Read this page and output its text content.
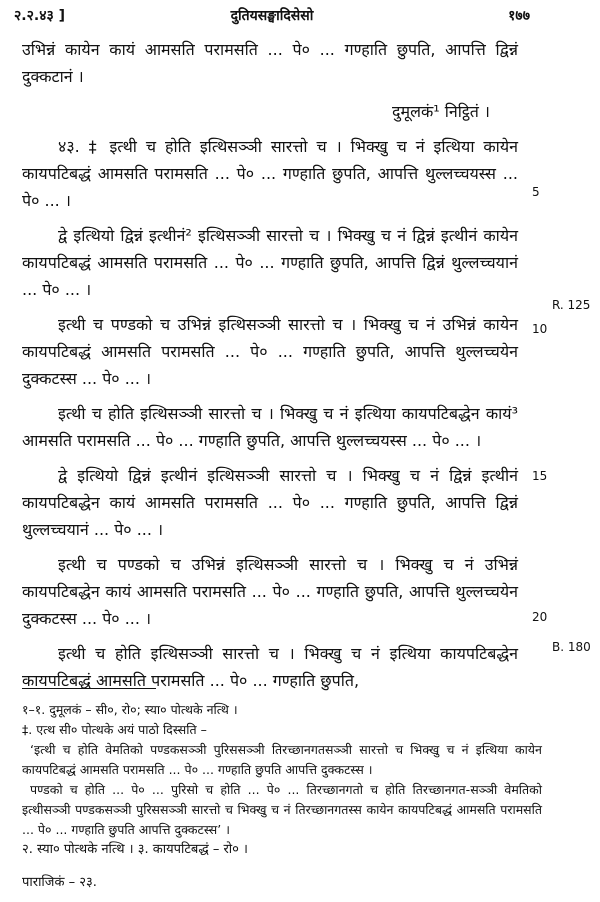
२.२.४३ ]	दुतियसङ्घादिसेसो	१७७

उभिन्नं कायेन कायं आमसति परामसति ... पे० ... गण्हाति छुपति, आपत्ति द्विन्नं दुक्कटानं ।

दुमूलकं¹ निट्ठितं ।

४३. ‡ इत्थी च होति इत्थिसञ्ञी सारत्तो च । भिक्खु च नं इत्थिया कायेन कायपटिबद्धं आमसति परामसति ... पे० ... गण्हाति छुपति, आपत्ति थुल्लच्चयस्स ... पे० ... ।

द्वे इत्थियो द्विन्नं इत्थीनं² इत्थिसञ्ञी सारत्तो च । भिक्खु च नं द्विन्नं इत्थीनं कायेन कायपटिबद्धं आमसति परामसति ... पे० ... गण्हाति छुपति, आपत्ति द्विन्नं थुल्लच्चयानं ... पे० ... ।

इत्थी च पण्डको च उभिन्नं इत्थिसञ्ञी सारत्तो च । भिक्खु च नं उभिन्नं कायेन कायपटिबद्धं आमसति परामसति ... पे० ... गण्हाति छुपति, आपत्ति थुल्लच्चयेन दुक्कटस्स ... पे० ... ।

इत्थी च होति इत्थिसञ्ञी सारत्तो च । भिक्खु च नं इत्थिया कायपटिबद्धेन कायं³ आमसति परामसति ... पे० ... गण्हाति छुपति, आपत्ति थुल्लच्चयस्स ... पे० ... ।

द्वे इत्थियो द्विन्नं इत्थीनं इत्थिसञ्ञी सारत्तो च । भिक्खु च नं द्विन्नं इत्थीनं कायपटिबद्धेन कायं आमसति परामसति ... पे० ... गण्हाति छुपति, आपत्ति द्विन्नं थुल्लच्चयानं ... पे० ... ।

इत्थी च पण्डको च उभिन्नं इत्थिसञ्ञी सारत्तो च । भिक्खु च नं उभिन्नं कायपटिबद्धेन कायं आमसति परामसति ... पे० ... गण्हाति छुपति, आपत्ति थुल्लच्चयेन दुक्कटस्स ... पे० ... ।

इत्थी च होति इत्थिसञ्ञी सारत्तो च । भिक्खु च नं इत्थिया कायपटिबद्धेन कायपटिबद्धं आमसति परामसति ... पे० ... गण्हाति छुपति,

5
10
15
20
R. 125
B. 180

१–१. दुमूलकं – सी०, रो०; स्या० पोत्थके नत्थि ।

‡. एत्थ सी० पोत्थके अयं पाठो दिस्सति –

‘इत्थी च होति वेमतिको पण्डकसञ्ञी पुरिससञ्ञी तिरच्छानगतसञ्ञी सारत्तो च भिक्खु च नं इत्थिया कायेन कायपटिबद्धं आमसति परामसति ... पे० ... गण्हाति छुपति आपत्ति दुक्कटस्स ।

पण्डको च होति ... पे० ... पुरिसो च होति ... पे० ... तिरच्छानगतो च होति तिरच्छानगत-सञ्ञी वेमतिको इत्थीसञ्ञी पण्डकसञ्ञी पुरिससञ्ञी सारत्तो च भिक्खु च नं तिरच्छानगतस्स कायेन कायपटिबद्धं आमसति परामसति ... पे० ... गण्हाति छुपति आपत्ति दुक्कटस्स’ ।

२. स्या० पोत्थके नत्थि । ३. कायपटिबद्धं – रो० ।

पाराजिकं – २३.
